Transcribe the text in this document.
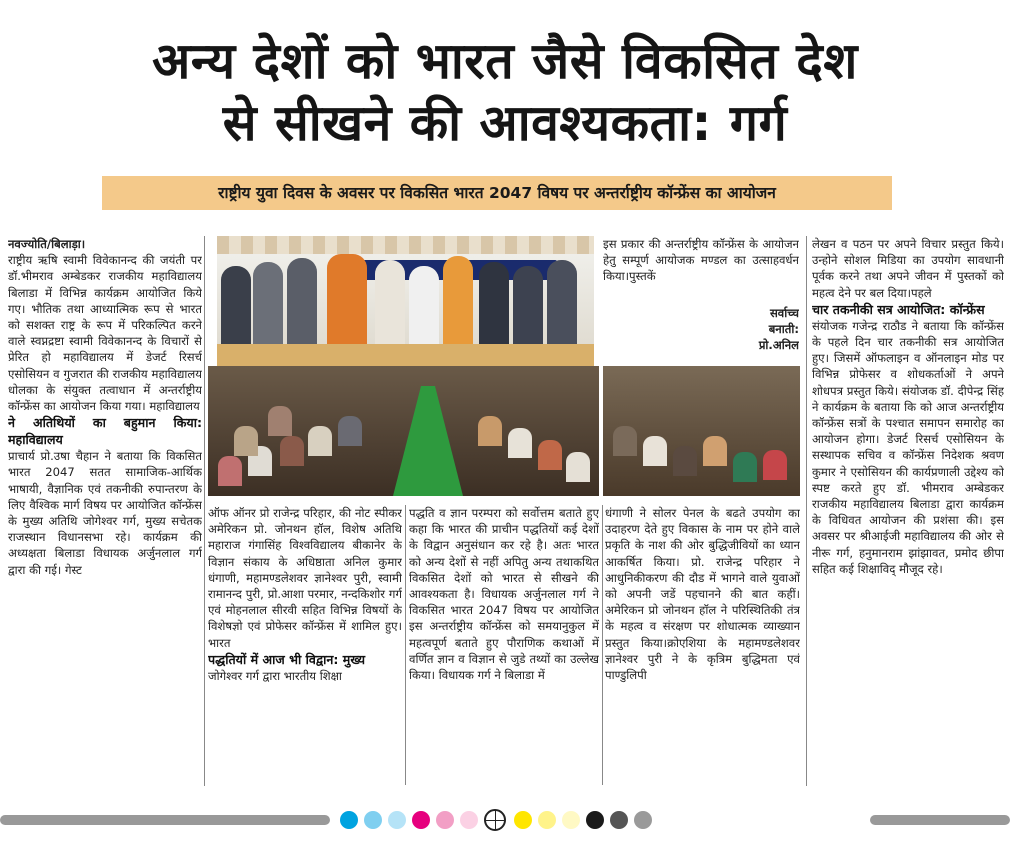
अन्य देशों को भारत जैसे विकसित देश
से सीखने की आवश्यकता: गर्ग
राष्ट्रीय युवा दिवस के अवसर पर विकसित भारत 2047 विषय पर अन्तर्राष्ट्रीय कॉन्फ्रेंस का आयोजन

नवज्योति/बिलाड़ा।

राष्ट्रीय ऋषि स्वामी विवेकानन्द की जयंती पर डॉ.भीमराव अम्बेडकर राजकीय महाविद्यालय बिलाडा में विभिन्न कार्यक्रम आयोजित किये गए। भौतिक तथा आध्यात्मिक रूप से भारत को सशक्त राष्ट्र के रूप में परिकल्पित करने वाले स्वप्नद्रष्टा स्वामी विवेकानन्द के विचारों से प्रेरित हो महाविद्यालय में डेजर्ट रिसर्च एसोसियन व गुजरात की राजकीय महाविद्यालय धोलका के संयुक्त तत्वाधान में अन्तर्राष्ट्रीय कॉन्फ्रेंस का आयोजन किया गया। महाविद्यालय

ने अतिथियों का बहुमान किया: महाविद्यालय

प्राचार्य प्रो.उषा चैहान ने बताया कि विकसित भारत 2047 सतत सामाजिक-आर्थिक भाषायी, वैज्ञानिक एवं तकनीकी रुपान्तरण के लिए वैश्विक मार्ग विषय पर आयोजित कॉन्फ्रेंस के मुख्य अतिथि जोगेश्वर गर्ग, मुख्य सचेतक राजस्थान विधानसभा रहे। कार्यक्रम की अध्यक्षता बिलाडा विधायक अर्जुनलाल गर्ग द्वारा की गई। गेस्ट

इस प्रकार की अन्तर्राष्ट्रीय कॉन्फ्रेंस के आयोजन हेतु सम्पूर्ण आयोजक मण्डल का उत्साहवर्धन किया।पुस्तकें

सर्वाच्च

बनाती:

प्रो.अनिल

ऑफ ऑनर प्रो राजेन्द्र परिहार, की नोट स्पीकर अमेरिकन प्रो. जोनथन हॉल, विशेष अतिथि महाराज गंगासिंह विश्वविद्यालय बीकानेर के विज्ञान संकाय के अधिष्ठाता अनिल कुमार धंगाणी, महामण्डलेशवर ज्ञानेश्वर पुरी, स्वामी रामानन्द पुरी, प्रो.आशा परमार, नन्दकिशोर गर्ग एवं मोहनलाल सीरवी सहित विभिन्न विषयों के विशेषज्ञो एवं प्रोफेसर कॉन्फ्रेंस में शामिल हुए।भारत

पद्धतियों में आज भी विद्वान: मुख्य

जोगेश्वर गर्ग द्वारा भारतीय शिक्षा

पद्धति व ज्ञान परम्परा को सर्वोत्तम बताते हुए कहा कि भारत की प्राचीन पद्धतियों कई देशों के विद्वान अनुसंधान कर रहे है। अतः भारत को अन्य देशों से नहीं अपितु अन्य तथाकथित विकसित देशों को भारत से सीखने की आवश्यकता है। विधायक अर्जुनलाल गर्ग ने विकसित भारत 2047 विषय पर आयोजित इस अन्तर्राष्ट्रीय कॉन्फ्रेंस को समयानुकुल में महत्वपूर्ण बताते हुए पौराणिक कथाओं में वर्णित ज्ञान व विज्ञान से जुडे तथ्यों का उल्लेख किया। विधायक गर्ग ने बिलाडा में

धंगाणी ने सोलर पेनल के बढते उपयोग का उदाहरण देते हुए विकास के नाम पर होने वाले प्रकृति के नाश की ओर बुद्धिजीवियों का ध्यान आकर्षित किया। प्रो. राजेन्द्र परिहार ने आधुनिकीकरण की दौड में भागने वाले युवाओं को अपनी जडें पहचानने की बात कहीं। अमेरिकन प्रो जोनथन हॉल ने परिस्थितिकी तंत्र के महत्व व संरक्षण पर शोधात्मक व्याख्यान प्रस्तुत किया।क्रोएशिया के महामण्डलेशवर ज्ञानेश्वर पुरी ने के कृत्रिम बुद्धिमता एवं पाण्डुलिपी

लेखन व पठन पर अपने विचार प्रस्तुत किये। उन्होने सोशल मिडिया का उपयोग सावधानी पूर्वक करने तथा अपने जीवन में पुस्तकों को महत्व देने पर बल दिया।पहले

चार तकनीकी सत्र आयोजित: कॉन्फ्रेंस

संयोजक गजेन्द्र राठौड ने बताया कि कॉन्फ्रेंस के पहले दिन चार तकनीकी सत्र आयोजित हुए। जिसमें ऑफलाइन व ऑनलाइन मोड पर विभिन्न प्रोफेसर व शोधकर्ताओं ने अपने शोधपत्र प्रस्तुत किये। संयोजक डॉ. दीपेन्द्र सिंह ने कार्यक्रम के बताया कि को आज अन्तर्राष्ट्रीय कॉन्फ्रेंस सत्रों के पश्चात समापन समारोह का आयोजन होगा। डेजर्ट रिसर्च एसोसियन के सस्थापक सचिव व कॉन्फ्रेंस निदेशक श्रवण कुमार ने एसोसियन की कार्यप्रणाली उद्देश्य को स्पष्ट करते हुए डॉ. भीमराव अम्बेडकर राजकीय महाविद्यालय बिलाडा द्वारा कार्यक्रम के विधिवत आयोजन की प्रशंसा की। इस अवसर पर श्रीआईजी महाविद्यालय की ओर से नीरू गर्ग, हनुमानराम झांझावत, प्रमोद छीपा सहित कई शिक्षाविद् मौजूद रहे।
